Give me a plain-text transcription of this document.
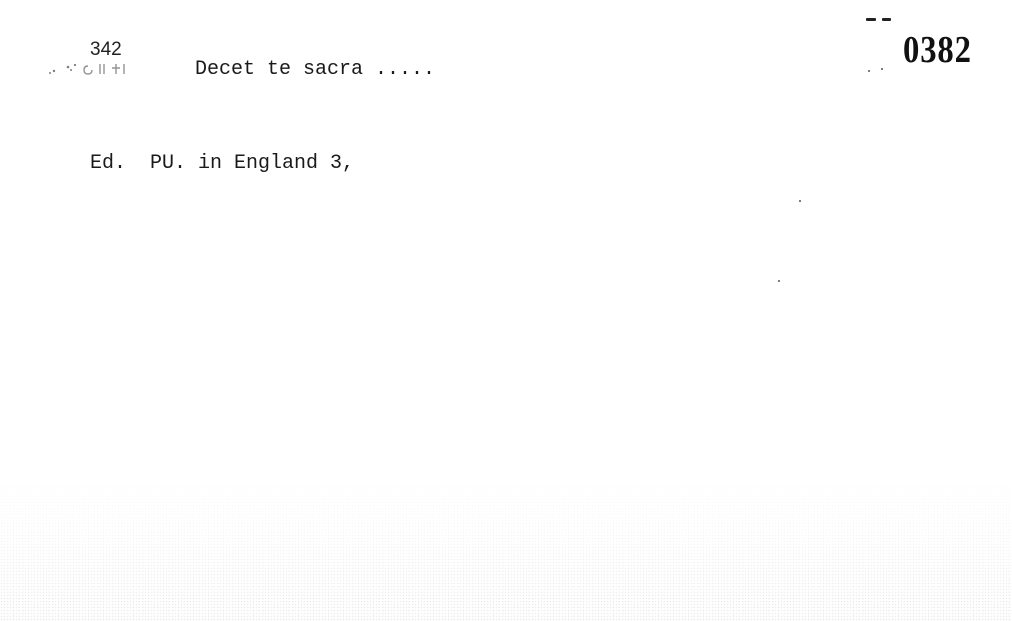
0382
342
Decet te sacra .....
Ed.  PU. in England 3,
